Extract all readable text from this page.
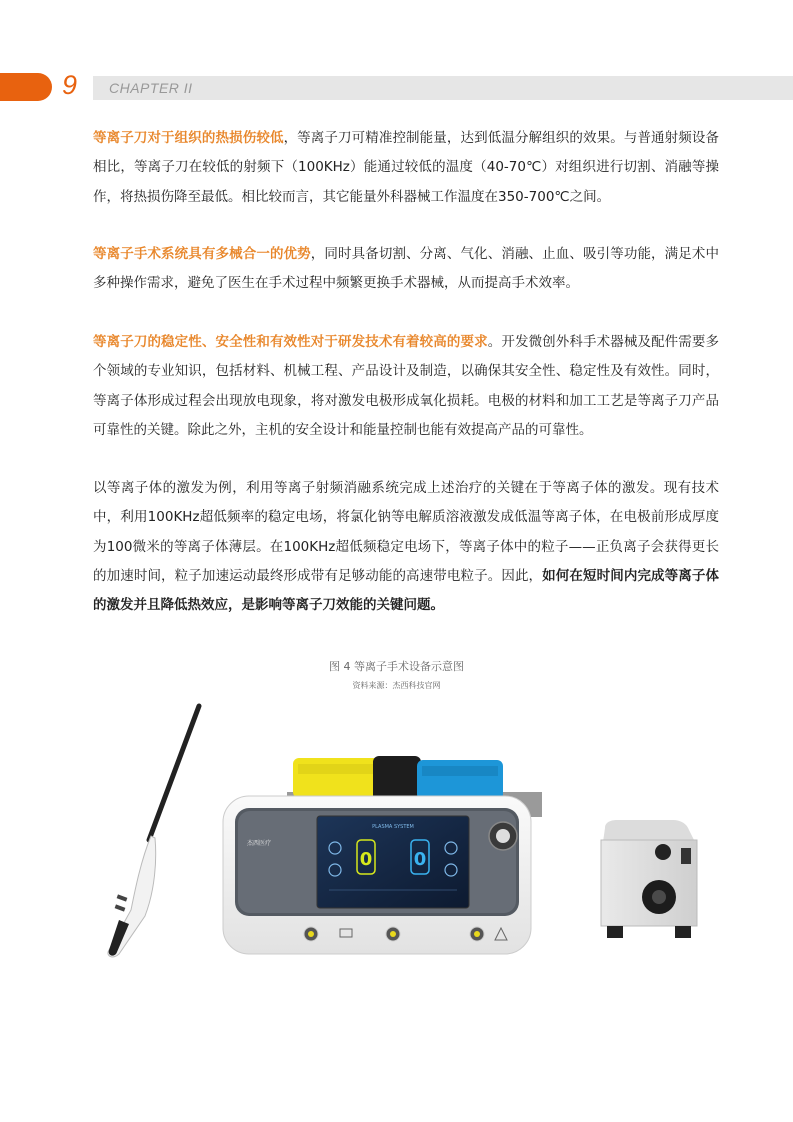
9 CHAPTER II

等离子刀对于组织的热损伤较低，等离子刀可精准控制能量，达到低温分解组织的效果。与普通射频设备相比，等离子刀在较低的射频下（100KHz）能通过较低的温度（40-70℃）对组织进行切割、消融等操作，将热损伤降至最低。相比较而言，其它能量外科器械工作温度在350-700℃之间。

等离子手术系统具有多械合一的优势，同时具备切割、分离、气化、消融、止血、吸引等功能，满足术中多种操作需求，避免了医生在手术过程中频繁更换手术器械，从而提高手术效率。

等离子刀的稳定性、安全性和有效性对于研发技术有着较高的要求。开发微创外科手术器械及配件需要多个领域的专业知识，包括材料、机械工程、产品设计及制造，以确保其安全性、稳定性及有效性。同时，等离子体形成过程会出现放电现象，将对激发电极形成氧化损耗。电极的材料和加工工艺是等离子刀产品可靠性的关键。除此之外，主机的安全设计和能量控制也能有效提高产品的可靠性。

以等离子体的激发为例，利用等离子射频消融系统完成上述治疗的关键在于等离子体的激发。现有技术中，利用100KHz超低频率的稳定电场，将氯化钠等电解质溶液激发成低温等离子体，在电极前形成厚度为100微米的等离子体薄层。在100KHz超低频稳定电场下，等离子体中的粒子——正负离子会获得更长的加速时间，粒子加速运动最终形成带有足够动能的高速带电粒子。因此，如何在短时间内完成等离子体的激发并且降低热效应，是影响等离子刀效能的关键问题。

图 4 等离子手术设备示意图
资料来源：杰西科技官网
杰西医疗
PLASMA SYSTEM
0 0
